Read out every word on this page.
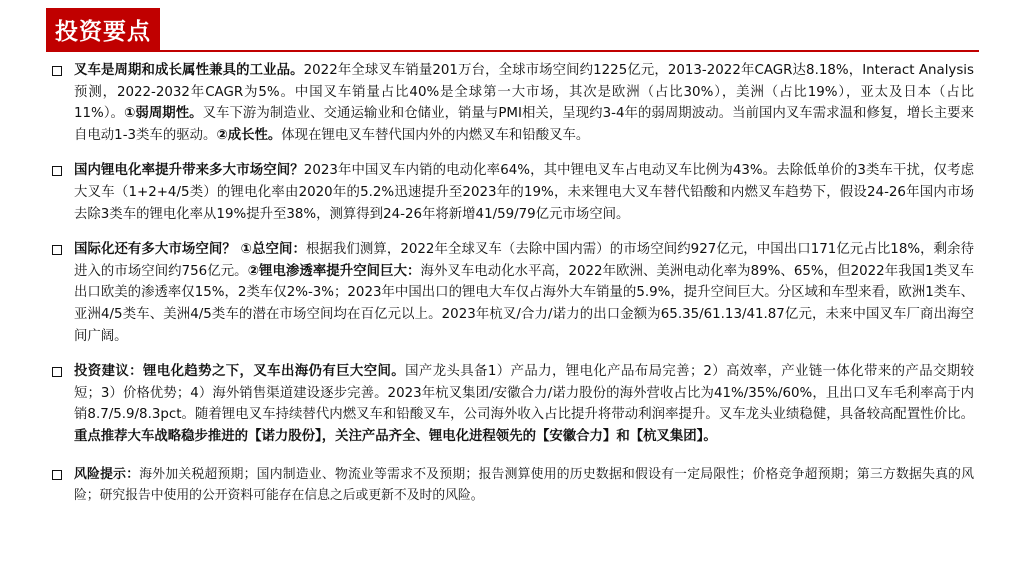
投资要点

叉车是周期和成长属性兼具的工业品。2022年全球叉车销量201万台，全球市场空间约1225亿元，2013-2022年CAGR达8.18%，Interact Analysis预测，2022-2032年CAGR为5%。中国叉车销量占比40%是全球第一大市场，其次是欧洲（占比30%），美洲（占比19%），亚太及日本（占比11%）。①弱周期性。叉车下游为制造业、交通运输业和仓储业，销量与PMI相关，呈现约3-4年的弱周期波动。当前国内叉车需求温和修复，增长主要来自电动1-3类车的驱动。②成长性。体现在锂电叉车替代国内外的内燃叉车和铅酸叉车。

国内锂电化率提升带来多大市场空间？2023年中国叉车内销的电动化率64%，其中锂电叉车占电动叉车比例为43%。去除低单价的3类车干扰，仅考虑大叉车（1+2+4/5类）的锂电化率由2020年的5.2%迅速提升至2023年的19%，未来锂电大叉车替代铅酸和内燃叉车趋势下，假设24-26年国内市场去除3类车的锂电化率从19%提升至38%，测算得到24-26年将新增41/59/79亿元市场空间。

国际化还有多大市场空间？ ①总空间：根据我们测算，2022年全球叉车（去除中国内需）的市场空间约927亿元，中国出口171亿元占比18%，剩余待进入的市场空间约756亿元。②锂电渗透率提升空间巨大：海外叉车电动化水平高，2022年欧洲、美洲电动化率为89%、65%，但2022年我国1类叉车出口欧美的渗透率仅15%，2类车仅2%-3%；2023年中国出口的锂电大车仅占海外大车销量的5.9%，提升空间巨大。分区域和车型来看，欧洲1类车、亚洲4/5类车、美洲4/5类车的潜在市场空间均在百亿元以上。2023年杭叉/合力/诺力的出口金额为65.35/61.13/41.87亿元，未来中国叉车厂商出海空间广阔。

投资建议：锂电化趋势之下，叉车出海仍有巨大空间。国产龙头具备1）产品力，锂电化产品布局完善；2）高效率，产业链一体化带来的产品交期较短；3）价格优势；4）海外销售渠道建设逐步完善。2023年杭叉集团/安徽合力/诺力股份的海外营收占比为41%/35%/60%，且出口叉车毛利率高于内销8.7/5.9/8.3pct。随着锂电叉车持续替代内燃叉车和铅酸叉车，公司海外收入占比提升将带动利润率提升。叉车龙头业绩稳健，具备较高配置性价比。重点推荐大车战略稳步推进的【诺力股份】，关注产品齐全、锂电化进程领先的【安徽合力】和【杭叉集团】。

风险提示：海外加关税超预期；国内制造业、物流业等需求不及预期；报告测算使用的历史数据和假设有一定局限性；价格竞争超预期；第三方数据失真的风险；研究报告中使用的公开资料可能存在信息之后或更新不及时的风险。
